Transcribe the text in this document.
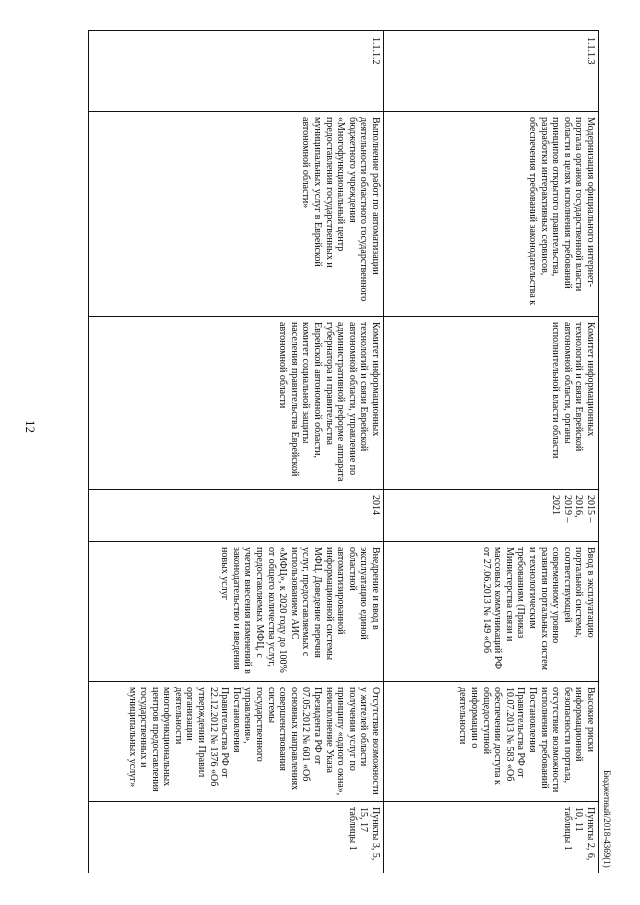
12
Бюджетный/2018-4369(1)
Пункты 3, 5, 15, 17 таблицы 1
Отсутствие возможности у жителей области получения услуг по принципу «одного окна», неисполнение Указа Президента РФ от 07.05.2012 № 601 «Об основных направлениях совершенствования системы государственного управления», Постановления Правительства РФ от 22.12.2012 № 1376 «Об утверждении Правил организации деятельности многофункциональных центров предоставления государственных и муниципальных услуг»
Внедрение и ввод в эксплуатацию единой областной автоматизированной информационной системы МФЦ. Доведение перечня услуг, предоставляемых с использованием АИС «МФЦ», к 2020 году до 100% от общего количества услуг, предоставляемых МФЦ, с учетом внесения изменений в законодательство и введения новых услуг
2014
Комитет информационных технологий и связи Еврейской автономной области, управление по административной реформе аппарата губернатора и правительства Еврейской автономной области, комитет социальной защиты населения правительства Еврейской автономной области
Выполнение работ по автоматизации деятельности областного государственного бюджетного учреждения «Многофункциональный центр предоставления государственных и муниципальных услуг в Еврейской автономной области»
1.1.1.2
Пункты 2, 6, 10, 11 таблицы 1
Высокие риски информационной безопасности портала, отсутствие возможности исполнения требований Постановления Правительства РФ от 10.07.2013 № 583 «Об обеспечении доступа к общедоступной информации о деятельности
Ввод в эксплуатацию портальной системы, соответствующей современному уровню развития портальных систем и технологическим требованиям (Приказ Министерства связи и массовых коммуникаций РФ от 27.06.2013 № 149 «Об
2015 – 2016, 2019 – 2021
Комитет информационных технологий и связи Еврейской автономной области, органы исполнительной власти области
Модернизация официального интернет-портала органов государственной власти области в целях исполнения требований принципов открытого правительства, разработки интерактивных сервисов, обеспечения требований законодательства к
1.1.1.3
